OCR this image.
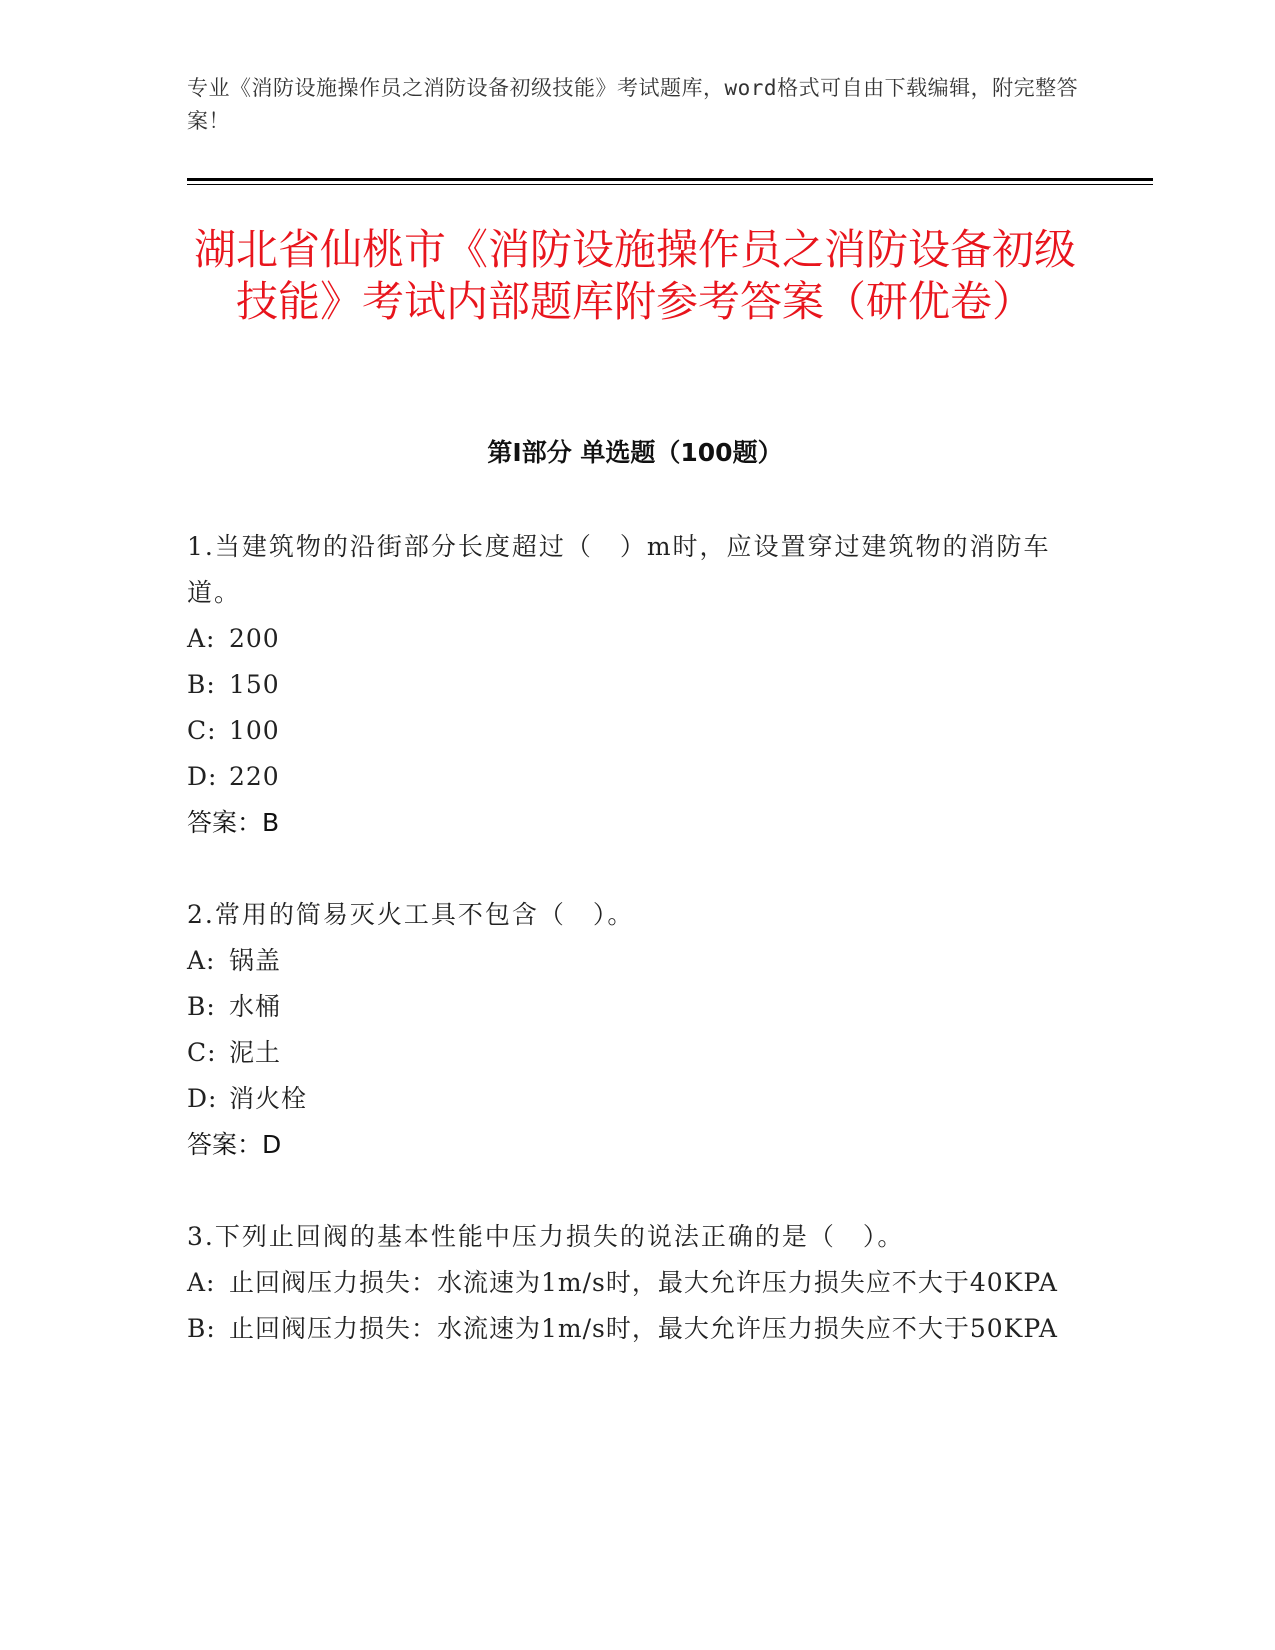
专业《消防设施操作员之消防设备初级技能》考试题库，word格式可自由下载编辑，附完整答案！
湖北省仙桃市《消防设施操作员之消防设备初级技能》考试内部题库附参考答案（研优卷）
第Ⅰ部分 单选题（100题）
1.当建筑物的沿街部分长度超过（　）m时，应设置穿过建筑物的消防车道。
A: 200
B: 150
C: 100
D: 220
答案：B
2.常用的简易灭火工具不包含（　）。
A: 锅盖
B: 水桶
C: 泥土
D: 消火栓
答案：D
3.下列止回阀的基本性能中压力损失的说法正确的是（　）。
A: 止回阀压力损失：水流速为1m/s时，最大允许压力损失应不大于40KPA
B: 止回阀压力损失：水流速为1m/s时，最大允许压力损失应不大于50KPA
